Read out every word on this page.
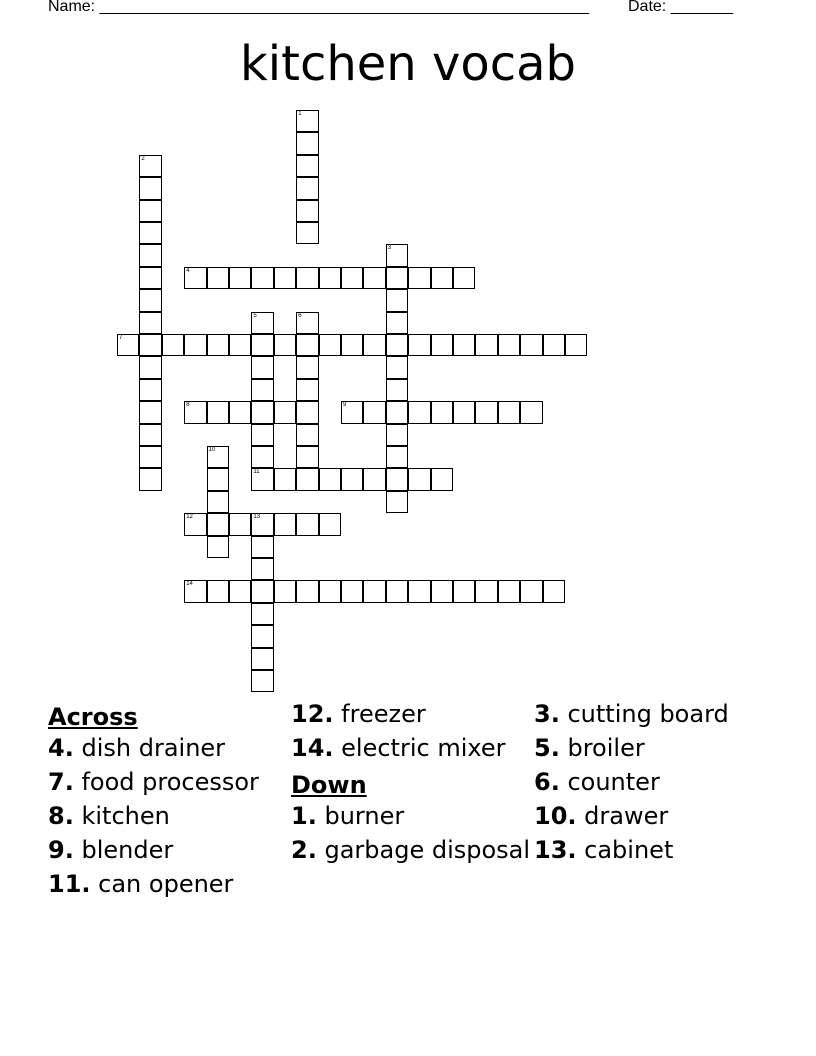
Name: _______________________________________________________ Date: _______
kitchen vocab
1
2
3
4
5	6
7
8	9
10
11
12	13
14
Across
4. dish drainer
7. food processor
8. kitchen
9. blender
11. can opener
12. freezer
14. electric mixer
Down
1. burner
2. garbage disposal
3. cutting board
5. broiler
6. counter
10. drawer
13. cabinet
